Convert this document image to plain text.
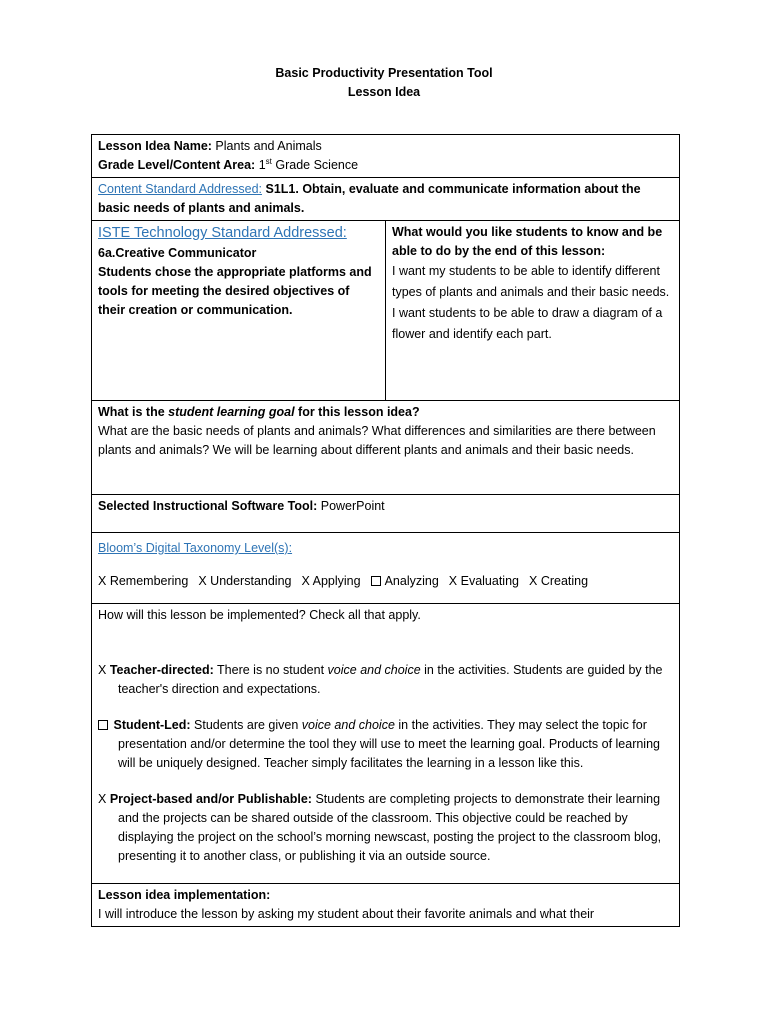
Basic Productivity Presentation Tool
Lesson Idea
Lesson Idea Name: Plants and Animals
Grade Level/Content Area: 1st Grade Science

Content Standard Addressed: S1L1. Obtain, evaluate and communicate information about the basic needs of plants and animals.

ISTE Technology Standard Addressed:
6a.Creative Communicator
Students chose the appropriate platforms and tools for meeting the desired objectives of their creation or communication.

What would you like students to know and be able to do by the end of this lesson:
I want my students to be able to identify different types of plants and animals and their basic needs. I want students to be able to draw a diagram of a flower and identify each part.

What is the student learning goal for this lesson idea?
What are the basic needs of plants and animals? What differences and similarities are there between plants and animals? We will be learning about different plants and animals and their basic needs.

Selected Instructional Software Tool: PowerPoint

Bloom’s Digital Taxonomy Level(s):
X Remembering X Understanding X Applying Analyzing X Evaluating X Creating

How will this lesson be implemented? Check all that apply.
X Teacher-directed: There is no student voice and choice in the activities. Students are guided by the teacher's direction and expectations.
Student-Led: Students are given voice and choice in the activities. They may select the topic for presentation and/or determine the tool they will use to meet the learning goal. Products of learning will be uniquely designed. Teacher simply facilitates the learning in a lesson like this.
X Project-based and/or Publishable: Students are completing projects to demonstrate their learning and the projects can be shared outside of the classroom. This objective could be reached by displaying the project on the school’s morning newscast, posting the project to the classroom blog, presenting it to another class, or publishing it via an outside source.

Lesson idea implementation:
I will introduce the lesson by asking my student about their favorite animals and what their
